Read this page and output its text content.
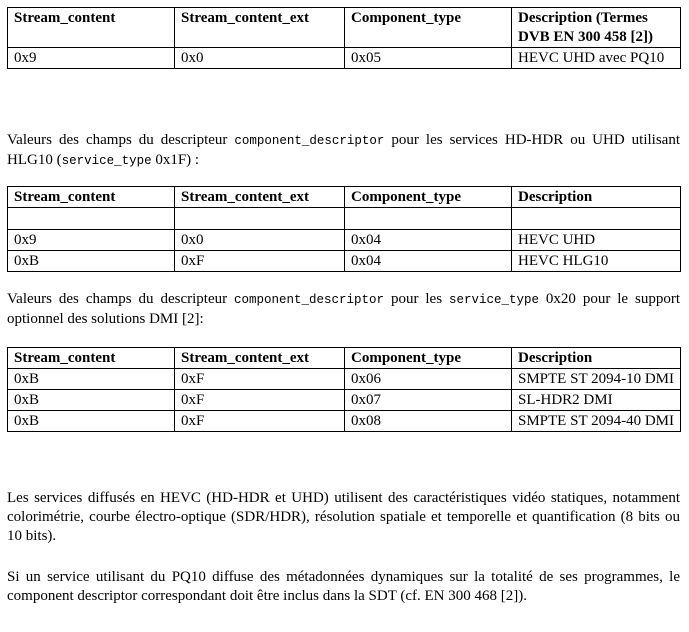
Stream_content	Stream_content_ext	Component_type	Description (Termes DVB EN 300 458 [2])
0x9	0x0	0x05	HEVC UHD avec PQ10

Valeurs des champs du descripteur component_descriptor pour les services HD-HDR ou UHD utilisant HLG10 (service_type 0x1F) :

Stream_content	Stream_content_ext	Component_type	Description

0x9	0x0	0x04	HEVC UHD
0xB	0xF	0x04	HEVC HLG10

Valeurs des champs du descripteur component_descriptor pour les service_type 0x20 pour le support optionnel des solutions DMI [2]:

Stream_content	Stream_content_ext	Component_type	Description
0xB	0xF	0x06	SMPTE ST 2094-10 DMI
0xB	0xF	0x07	SL-HDR2 DMI
0xB	0xF	0x08	SMPTE ST 2094-40 DMI

Les services diffusés en HEVC (HD-HDR et UHD) utilisent des caractéristiques vidéo statiques, notamment colorimétrie, courbe électro-optique (SDR/HDR), résolution spatiale et temporelle et quantification (8 bits ou 10 bits).

Si un service utilisant du PQ10 diffuse des métadonnées dynamiques sur la totalité de ses programmes, le component descriptor correspondant doit être inclus dans la SDT (cf. EN 300 468 [2]).
